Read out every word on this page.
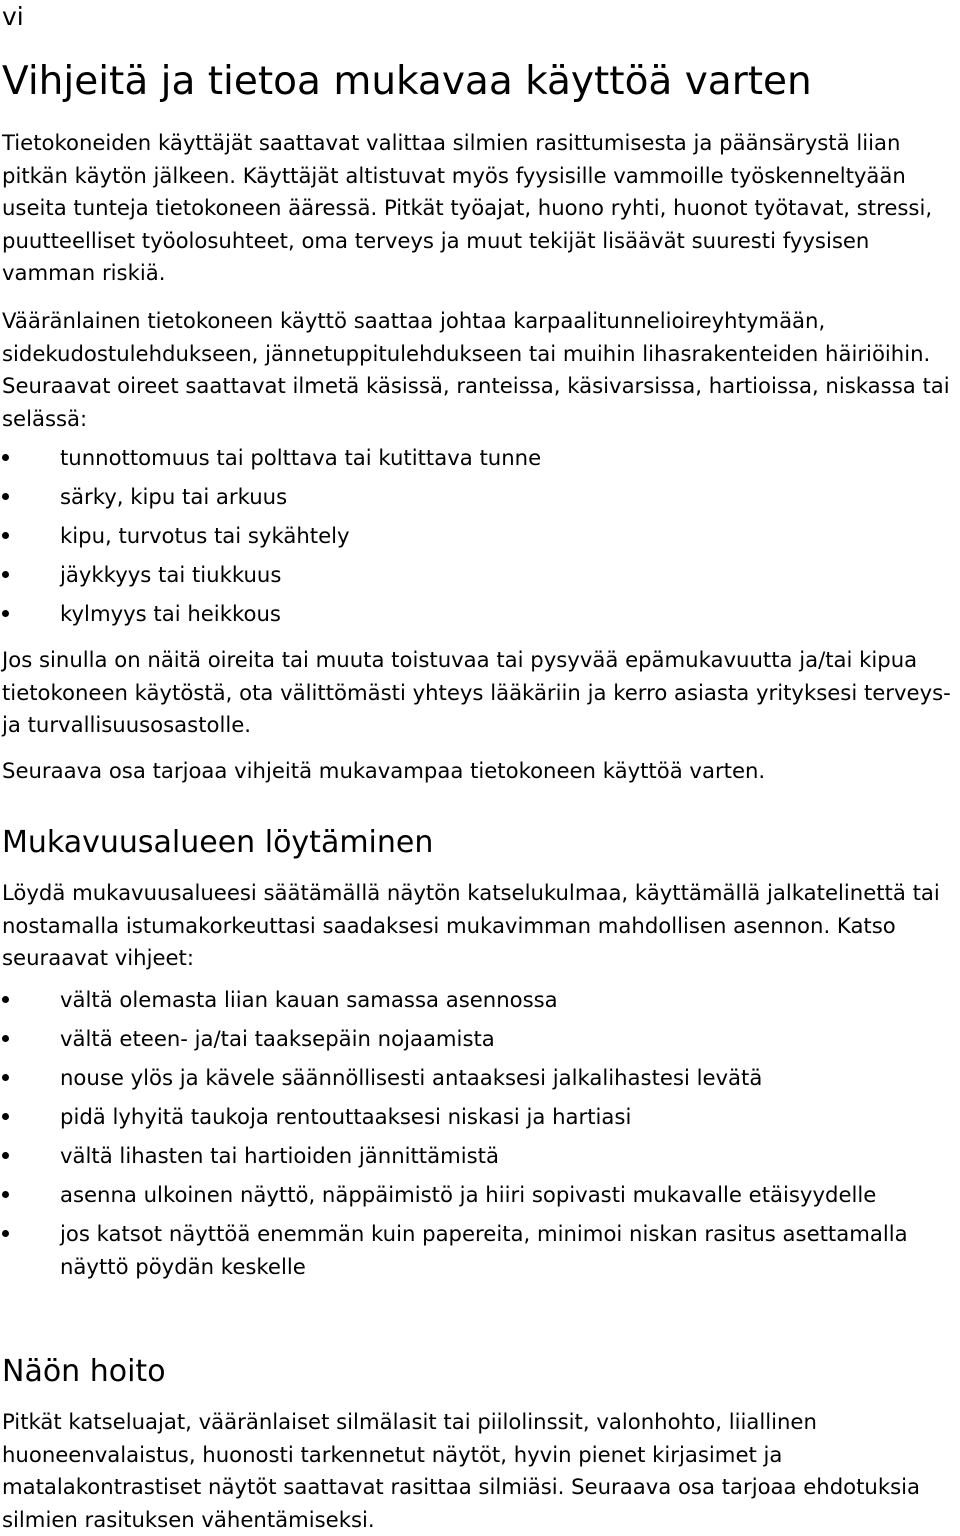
vi
Vihjeitä ja tietoa mukavaa käyttöä varten

Tietokoneiden käyttäjät saattavat valittaa silmien rasittumisesta ja päänsärystä liian pitkän käytön jälkeen. Käyttäjät altistuvat myös fyysisille vammoille työskenneltyään useita tunteja tietokoneen ääressä. Pitkät työajat, huono ryhti, huonot työtavat, stressi, puutteelliset työolosuhteet, oma terveys ja muut tekijät lisäävät suuresti fyysisen vamman riskiä.

Vääränlainen tietokoneen käyttö saattaa johtaa karpaalitunnelioireyhtymään, sidekudostulehdukseen, jännetuppitulehdukseen tai muihin lihasrakenteiden häiriöihin. Seuraavat oireet saattavat ilmetä käsissä, ranteissa, käsivarsissa, hartioissa, niskassa tai selässä:

tunnottomuus tai polttava tai kutittava tunne
särky, kipu tai arkuus
kipu, turvotus tai sykähtely
jäykkyys tai tiukkuus
kylmyys tai heikkous

Jos sinulla on näitä oireita tai muuta toistuvaa tai pysyvää epämukavuutta ja/tai kipua tietokoneen käytöstä, ota välittömästi yhteys lääkäriin ja kerro asiasta yrityksesi terveys- ja turvallisuusosastolle.

Seuraava osa tarjoaa vihjeitä mukavampaa tietokoneen käyttöä varten.

Mukavuusalueen löytäminen

Löydä mukavuusalueesi säätämällä näytön katselukulmaa, käyttämällä jalkatelinettä tai nostamalla istumakorkeuttasi saadaksesi mukavimman mahdollisen asennon. Katso seuraavat vihjeet:

vältä olemasta liian kauan samassa asennossa
vältä eteen- ja/tai taaksepäin nojaamista
nouse ylös ja kävele säännöllisesti antaaksesi jalkalihastesi levätä
pidä lyhyitä taukoja rentouttaaksesi niskasi ja hartiasi
vältä lihasten tai hartioiden jännittämistä
asenna ulkoinen näyttö, näppäimistö ja hiiri sopivasti mukavalle etäisyydelle
jos katsot näyttöä enemmän kuin papereita, minimoi niskan rasitus asettamalla näyttö pöydän keskelle
Näön hoito

Pitkät katseluajat, vääränlaiset silmälasit tai piilolinssit, valonhohto, liiallinen huoneenvalaistus, huonosti tarkennetut näytöt, hyvin pienet kirjasimet ja matalakontrastiset näytöt saattavat rasittaa silmiäsi. Seuraava osa tarjoaa ehdotuksia silmien rasituksen vähentämiseksi.
